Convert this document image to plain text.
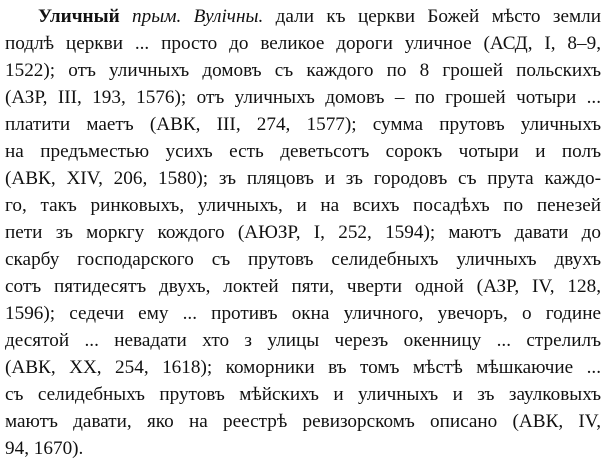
Уличный прым. Вулічны. дали къ церкви Божей мѣсто земли
подлѣ церкви ... просто до великое дороги уличное (АСД, I, 8–9,
1522); отъ уличныхъ домовъ съ каждого по 8 грошей польскихъ
(АЗР, III, 193, 1576); отъ уличныхъ домовъ – по грошей чотыри ...
платити маетъ (АВК, III, 274, 1577); сумма прутовъ уличныхъ
на предъместью усихъ есть деветьсотъ сорокъ чотыри и полъ
(АВК, XIV, 206, 1580); зъ пляцовъ и зъ городовъ съ прута каждо-
го, такъ ринковыхъ, уличныхъ, и на всихъ посадѣхъ по пенезей
пети зъ моркгу кождого (АЮЗР, I, 252, 1594); маютъ давати до
скарбу господарского съ прутовъ селидебныхъ уличныхъ двухъ
сотъ пятидесятъ двухъ, локтей пяти, чверти одной (АЗР, IV, 128,
1596); седечи ему ... противъ окна уличного, увечоръ, о године
десятой ... невадати хто з улицы черезъ окенницу ... стрелилъ
(АВК, XX, 254, 1618); коморники въ томъ мѣстѣ мѣшкаючие ...
съ селидебныхъ прутовъ мѣйскихъ и уличныхъ и зъ заулковыхъ
маютъ давати, яко на реестрѣ ревизорскомъ описано (АВК, IV,
94, 1670).
